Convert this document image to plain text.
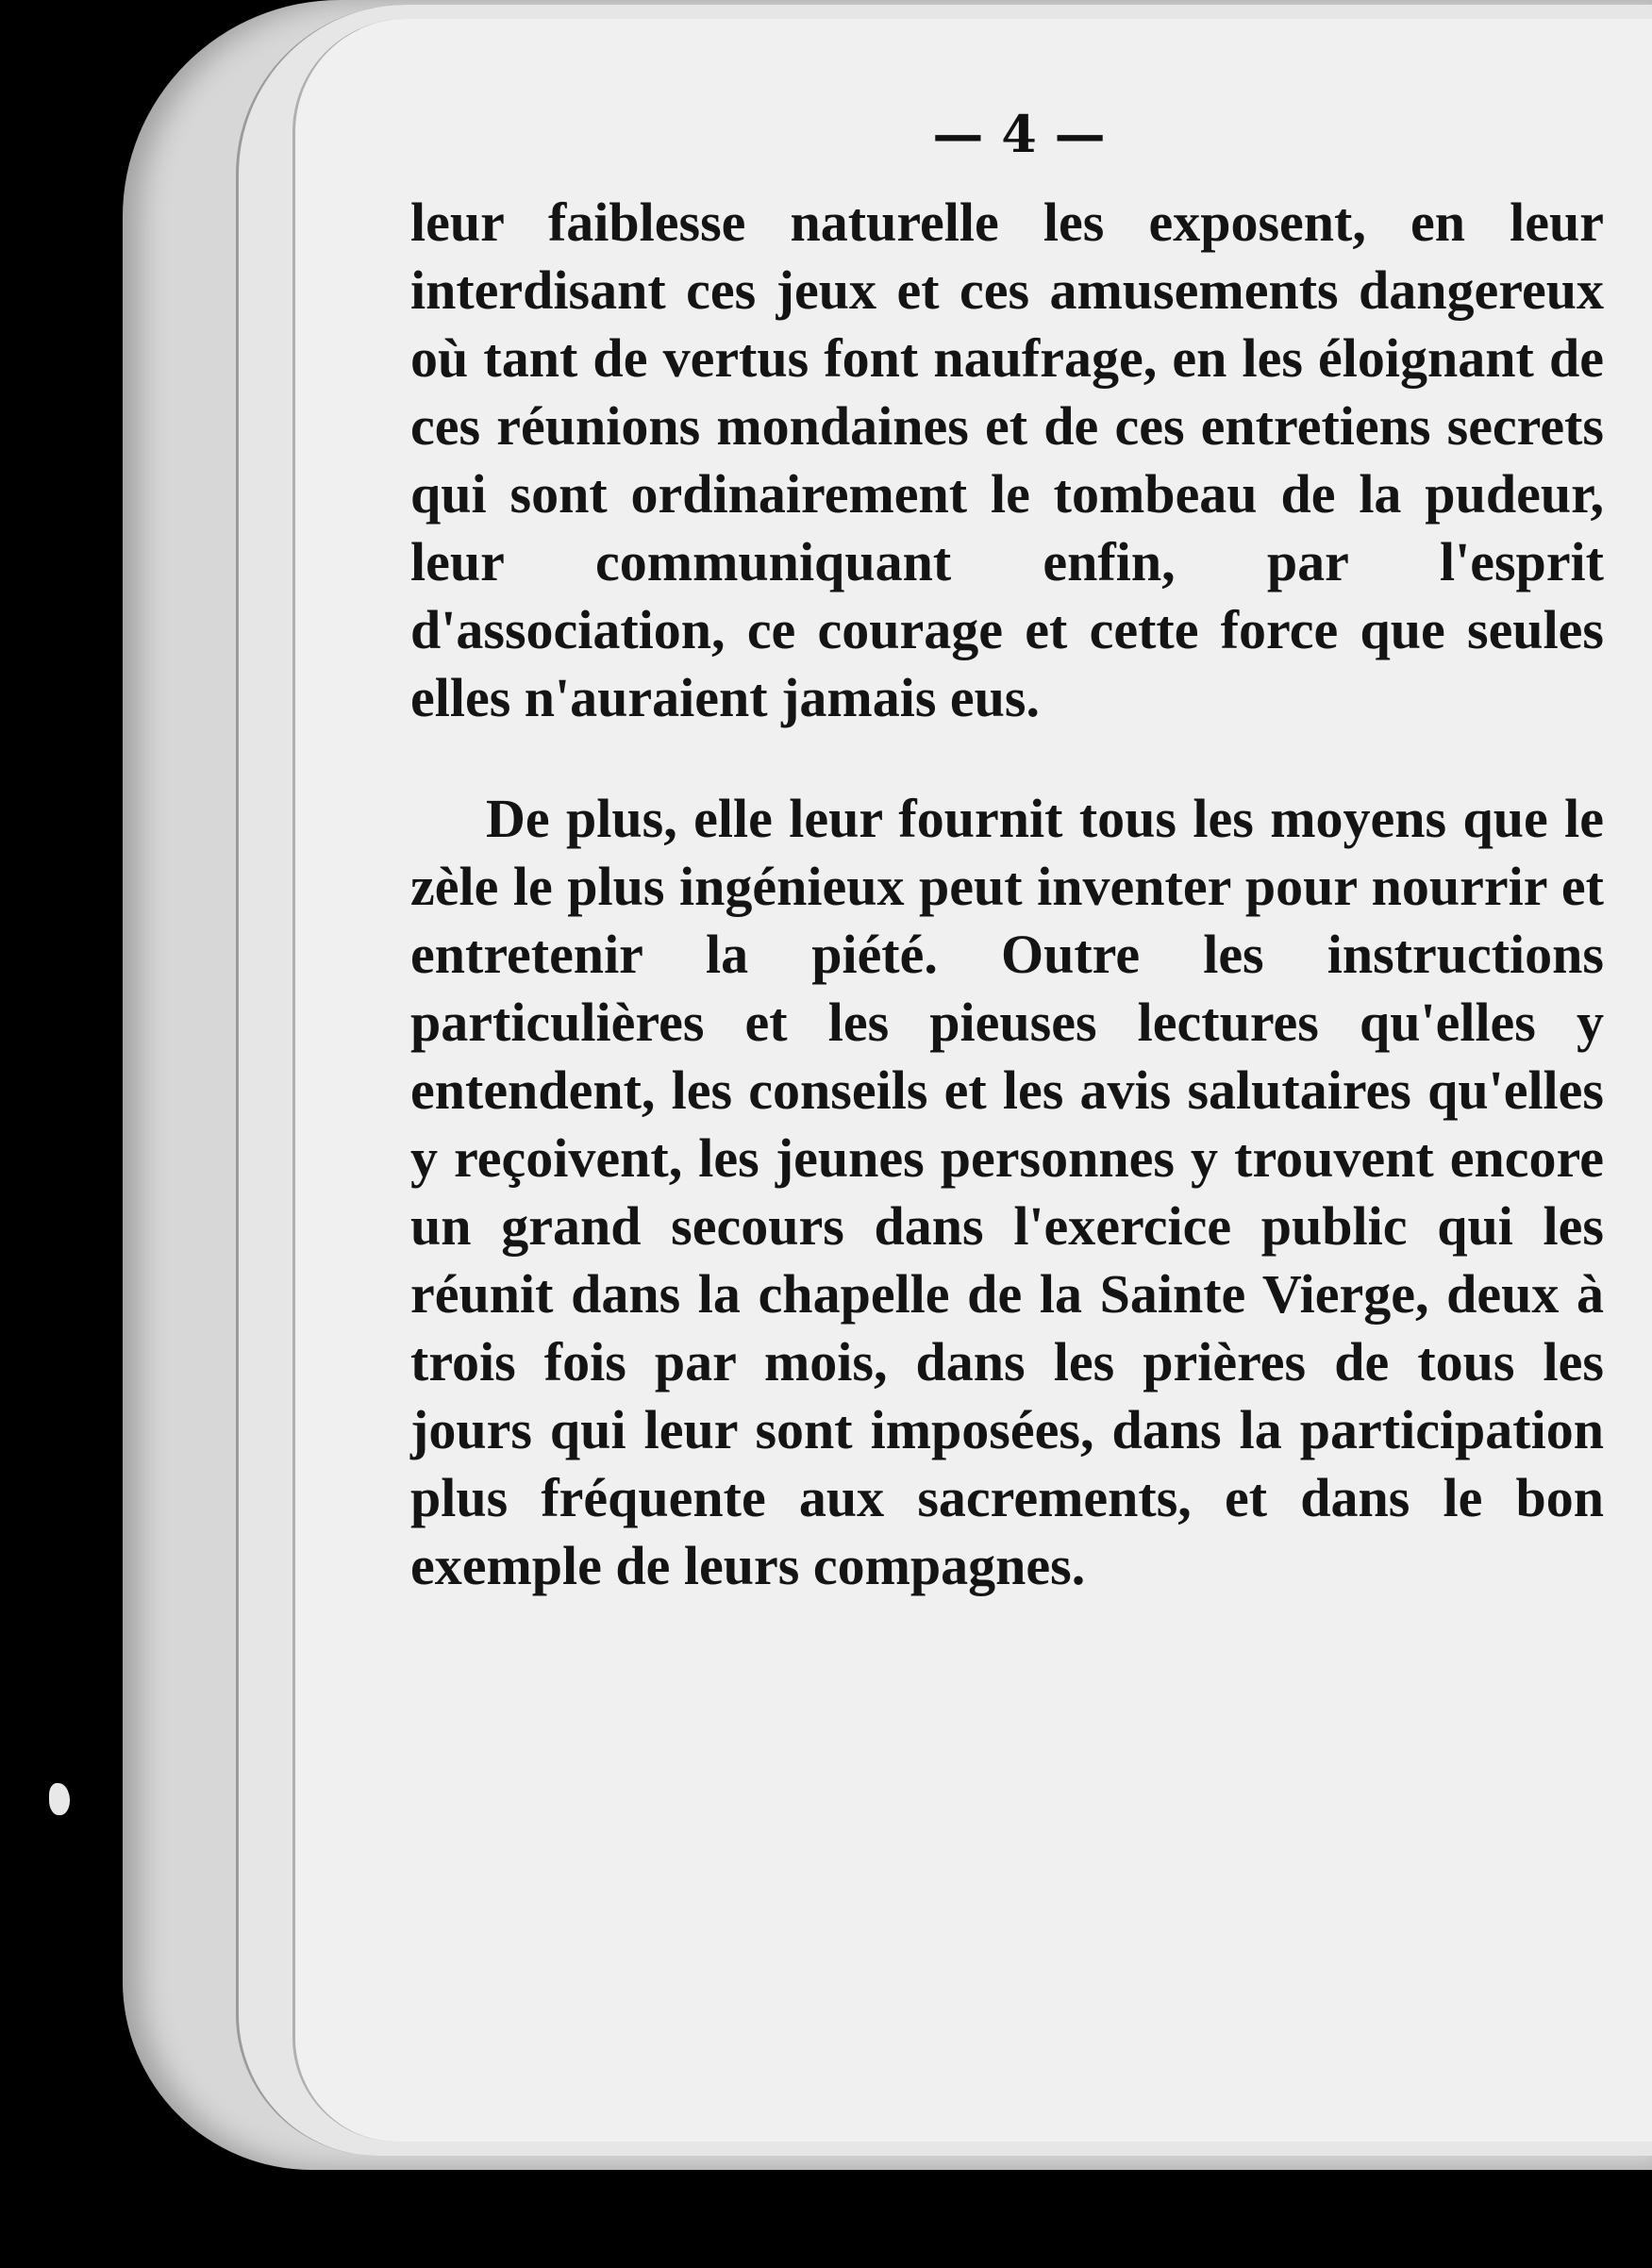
— 4 —

leur faiblesse naturelle les exposent, en leur interdisant ces jeux et ces amusements dangereux où tant de vertus font naufrage, en les éloignant de ces réunions mondaines et de ces entretiens secrets qui sont ordinairement le tombeau de la pudeur, leur communiquant enfin, par l'esprit d'association, ce courage et cette force que seules elles n'auraient jamais eus.

De plus, elle leur fournit tous les moyens que le zèle le plus ingénieux peut inventer pour nourrir et entretenir la piété. Outre les instructions particulières et les pieuses lectures qu'elles y entendent, les conseils et les avis salutaires qu'elles y reçoivent, les jeunes personnes y trouvent encore un grand secours dans l'exercice public qui les réunit dans la chapelle de la Sainte Vierge, deux à trois fois par mois, dans les prières de tous les jours qui leur sont imposées, dans la participation plus fréquente aux sacrements, et dans le bon exemple de leurs compagnes.
